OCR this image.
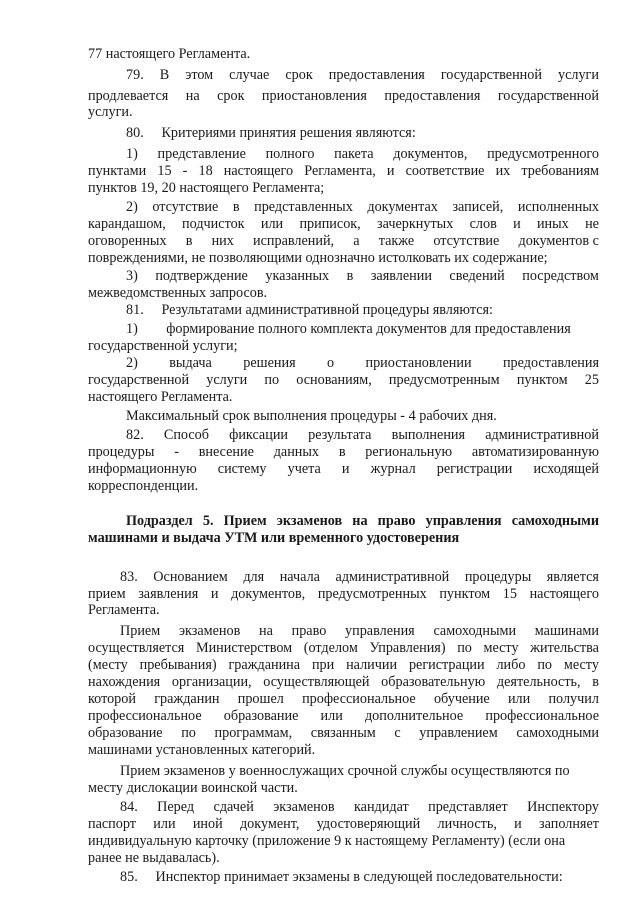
77 настоящего Регламента.
79. В этом случае срок предоставления государственной услуги
продлевается на срок приостановления предоставления государственной
услуги.
80.     Критериями принятия решения являются:
1) представление полного пакета документов, предусмотренного
пунктами 15 - 18 настоящего Регламента, и соответствие их требованиям
пунктов 19, 20 настоящего Регламента;
2) отсутствие в представленных документах записей, исполненных
карандашом, подчисток или приписок, зачеркнутых слов и иных не
оговоренных в них исправлений, а также отсутствие документов с
повреждениями, не позволяющими однозначно истолковать их содержание;
3) подтверждение указанных в заявлении сведений посредством
межведомственных запросов.
81.     Результатами административной процедуры являются:
1) формирование полного комплекта документов для предоставления
государственной услуги;
2) выдача решения о приостановлении предоставления
государственной услуги по основаниям, предусмотренным пунктом 25
настоящего Регламента.
Максимальный срок выполнения процедуры - 4 рабочих дня.
82. Способ фиксации результата выполнения административной
процедуры - внесение данных в региональную автоматизированную
информационную систему учета и журнал регистрации исходящей
корреспонденции.
Подраздел 5. Прием экзаменов на право управления самоходными
машинами и выдача УТМ или временного удостоверения
83. Основанием для начала административной процедуры является
прием заявления и документов, предусмотренных пунктом 15 настоящего
Регламента.
Прием экзаменов на право управления самоходными машинами
осуществляется Министерством (отделом Управления) по месту жительства
(месту пребывания) гражданина при наличии регистрации либо по месту
нахождения организации, осуществляющей образовательную деятельность, в
которой гражданин прошел профессиональное обучение или получил
профессиональное образование или дополнительное профессиональное
образование по программам, связанным с управлением самоходными
машинами установленных категорий.
Прием экзаменов у военнослужащих срочной службы осуществляются по
месту дислокации воинской части.
84. Перед сдачей экзаменов кандидат представляет Инспектору
паспорт или иной документ, удостоверяющий личность, и заполняет
индивидуальную карточку (приложение 9 к настоящему Регламенту) (если она
ранее не выдавалась).
85.     Инспектор принимает экзамены в следующей последовательности:
